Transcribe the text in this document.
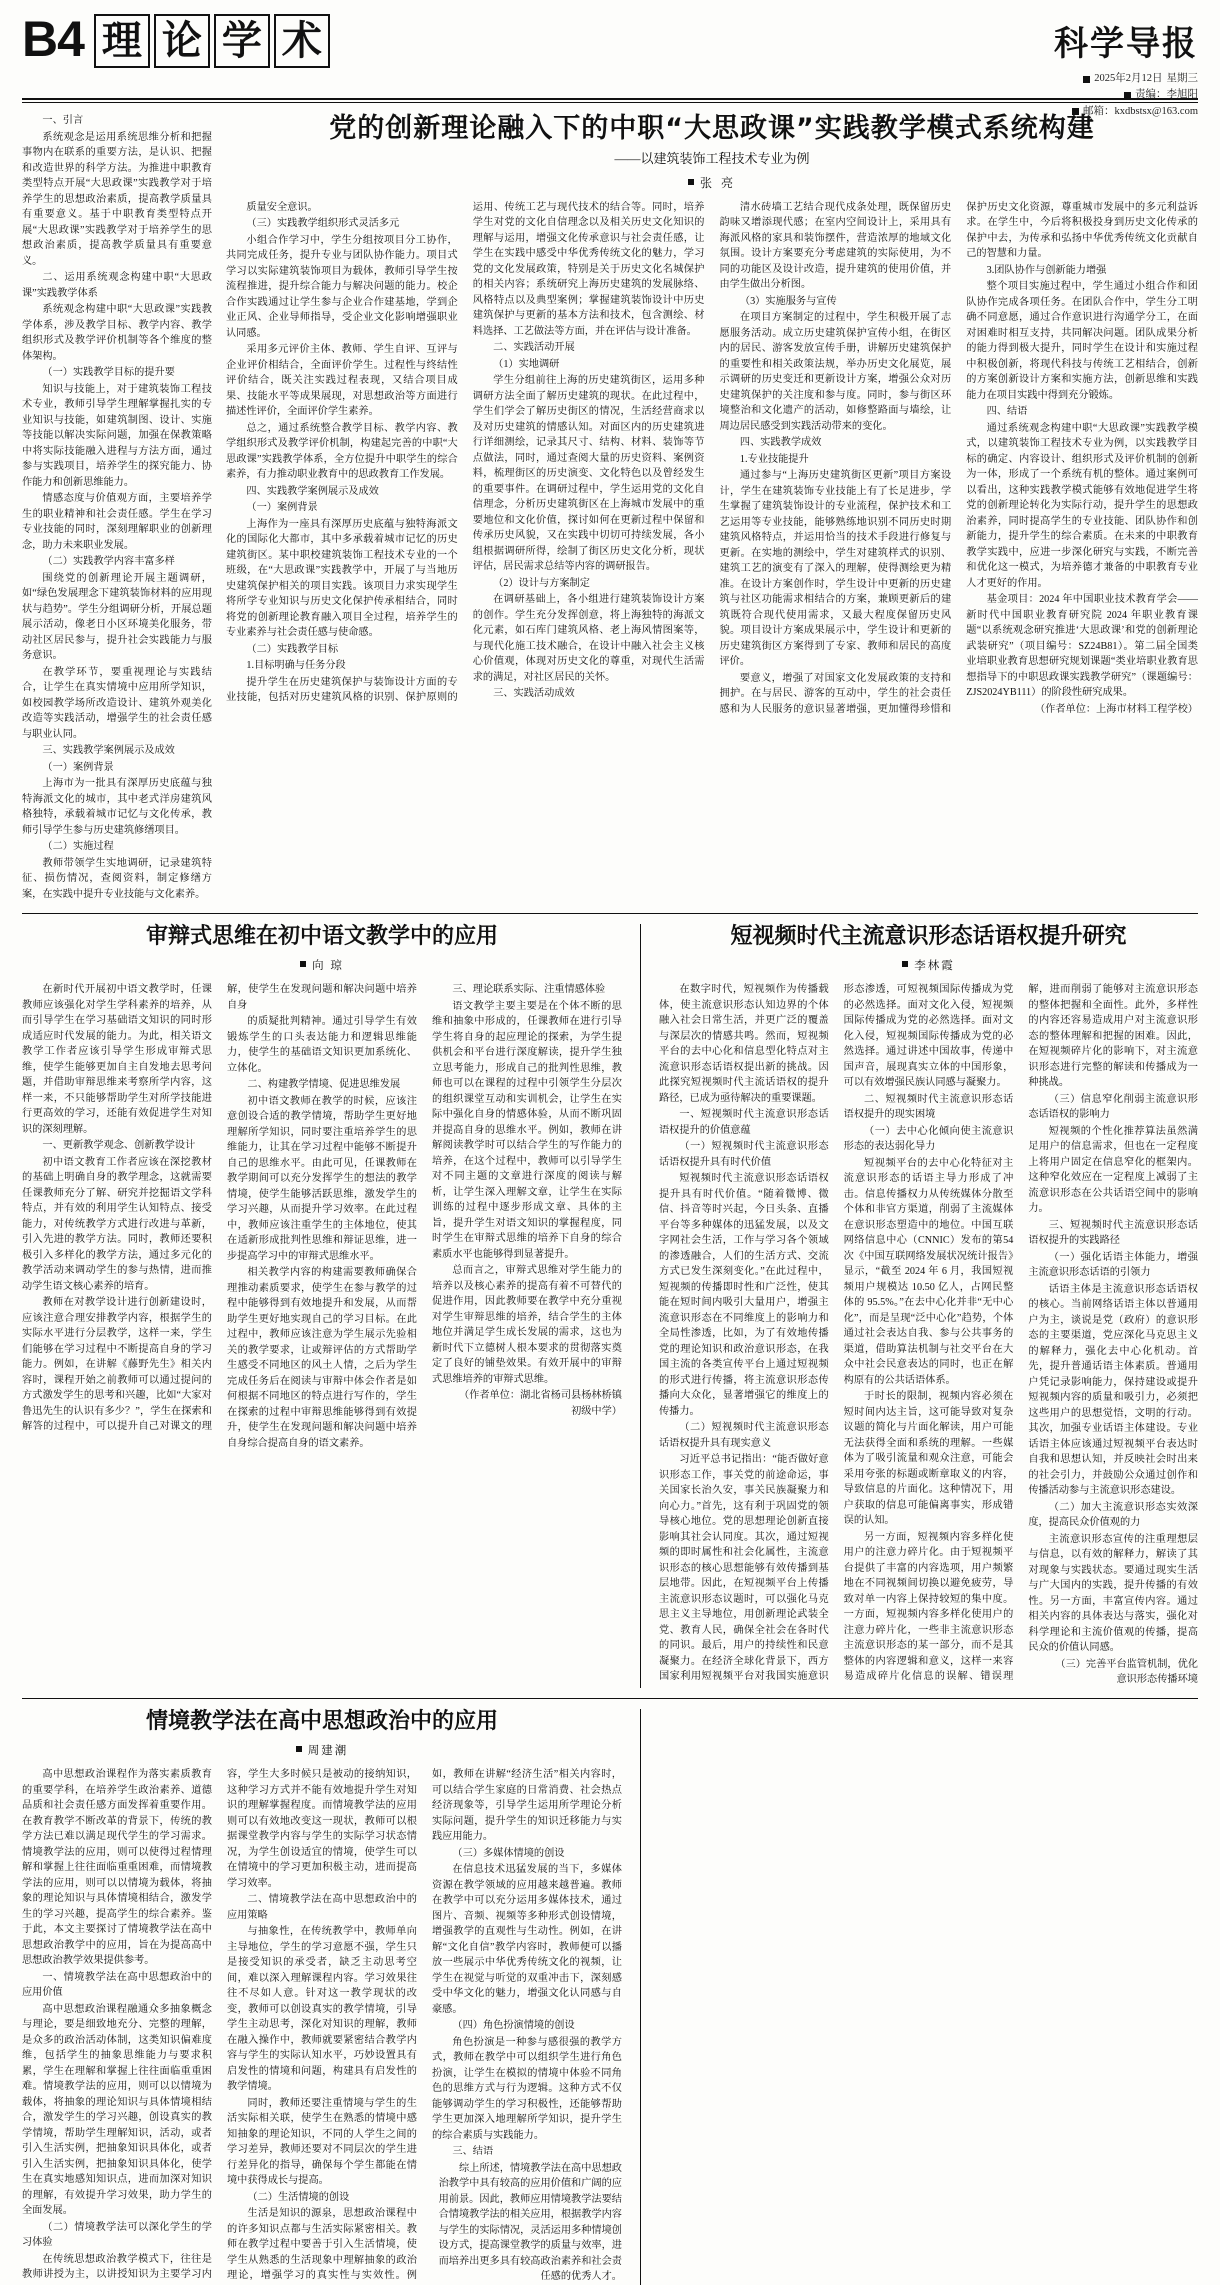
B4 理 论 学 术	科学导报
2025年2月12日 星期三
责编：李旭阳
邮箱：kxdbstsx@163.com

一、引言

系统观念是运用系统思维分析和把握事物内在联系的重要方法，是认识、把握和改造世界的科学方法。为推进中职教育类型特点开展“大思政课”实践教学对于培养学生的思想政治素质，提高教学质量具有重要意义。基于中职教育类型特点开展“大思政课”实践教学对于培养学生的思想政治素质，提高教学质量具有重要意义。

二、运用系统观念构建中职“大思政课”实践教学体系

系统观念构建中职“大思政课”实践教学体系，涉及教学目标、教学内容、教学组织形式及教学评价机制等各个维度的整体架构。

（一）实践教学目标的提升要

知识与技能上，对于建筑装饰工程技术专业，教师引导学生理解掌握扎实的专业知识与技能，如建筑制图、设计、实施等技能以解决实际问题，加强在保教策略中将实际技能融入进程与方法方面，通过参与实践项目，培养学生的探究能力、协作能力和创新思维能力。

情感态度与价值观方面，主要培养学生的职业精神和社会责任感。学生在学习专业技能的同时，深刻理解职业的创新理念，助力未来职业发展。

（二）实践教学内容丰富多样

围绕党的创新理论开展主题调研，如“绿色发展理念下建筑装饰材料的应用现状与趋势”。学生分组调研分析，开展总题展示活动，像老日小区环境美化服务，带动社区居民参与，提升社会实践能力与服务意识。

在教学环节，要重视理论与实践结合，让学生在真实情境中应用所学知识，如校园教学场所改造设计、建筑外观美化改造等实践活动，增强学生的社会责任感与职业认同。

三、实践教学案例展示及成效

（一）案例背景

上海市为一批具有深厚历史底蕴与独特海派文化的城市，其中老式洋房建筑风格独特，承载着城市记忆与文化传承，教师引导学生参与历史建筑修缮项目。

（二）实施过程

教师带领学生实地调研，记录建筑特征、损伤情况，查阅资料，制定修缮方案，在实践中提升专业技能与文化素养。

党的创新理论融入下的中职“大思政课”实践教学模式系统构建
——以建筑装饰工程技术专业为例
张 亮

质量安全意识。

（三）实践教学组织形式灵活多元

小组合作学习中，学生分组按项目分工协作，共同完成任务，提升专业与团队协作能力。项目式学习以实际建筑装饰项目为载体，教师引导学生按流程推进，提升综合能力与解决问题的能力。校企合作实践通过让学生参与企业合作建基地，学到企业正风、企业导师指导，受企业文化影响增强职业认同感。

采用多元评价主体、教师、学生自评、互评与企业评价相结合，全面评价学生。过程性与终结性评价结合，既关注实践过程表现，又结合项目成果、技能水平等成果展现，对思想政治等方面进行描述性评价，全面评价学生素养。

总之，通过系统整合教学目标、教学内容、教学组织形式及教学评价机制，构建起完善的中职“大思政课”实践教学体系，全方位提升中职学生的综合素养，有力推动职业教育中的思政教育工作发展。

四、实践教学案例展示及成效

（一）案例背景

上海作为一座具有深厚历史底蕴与独特海派文化的国际化大都市，其中多承载着城市记忆的历史建筑街区。某中职校建筑装饰工程技术专业的一个班级，在“大思政课”实践教学中，开展了与当地历史建筑保护相关的项目实践。该项目力求实现学生将所学专业知识与历史文化保护传承相结合，同时将党的创新理论教育融入项目全过程，培养学生的专业素养与社会责任感与使命感。

（二）实践教学目标

1.目标明确与任务分段

提升学生在历史建筑保护与装饰设计方面的专业技能，包括对历史建筑风格的识别、保护原则的运用、传统工艺与现代技术的结合等。同时，培养学生对党的文化自信理念以及相关历史文化知识的理解与运用，增强文化传承意识与社会责任感，让学生在实践中感受中华优秀传统文化的魅力，学习党的文化发展政策，特别是关于历史文化名城保护的相关内容；系统研究上海历史建筑的发展脉络、风格特点以及典型案例；掌握建筑装饰设计中历史建筑保护与更新的基本方法和技术，包含测绘、材料选择、工艺做法等方面，并在评估与设计准备。

二、实践活动开展

（1）实地调研

学生分组前往上海的历史建筑街区，运用多种调研方法全面了解历史建筑的现状。在此过程中，学生们学会了解历史街区的情况，生活经营商求以及对历史建筑的情感认知。对面区内的历史建筑进行详细测绘，记录其尺寸、结构、材料、装饰等节点做法，同时，通过查阅大量的历史资料、案例资料，梳理街区的历史演变、文化特色以及曾经发生的重要事件。在调研过程中，学生运用党的文化自信理念，分析历史建筑街区在上海城市发展中的重要地位和文化价值，探讨如何在更新过程中保留和传承历史风貌，又在实践中切切可持续发展，各小组根据调研所得，绘制了街区历史文化分析，现状评估，居民需求总结等内容的调研报告。

（2）设计与方案制定

在调研基础上，各小组进行建筑装饰设计方案的创作。学生充分发挥创意，将上海独特的海派文化元素，如石库门建筑风格、老上海风情图案等，与现代化施工技术融合，在设计中融入社会主义核心价值观，体现对历史文化的尊重，对现代生活需求的满足，对社区居民的关怀。

三、实践活动成效

清水砖墙工艺结合现代戍条处理，既保留历史韵味又增添现代感；在室内空间设计上，采用具有海派风格的家具和装饰摆件，营造浓厚的地域文化氛围。设计方案要充分考虑建筑的实际使用，为不同的功能区及设计改造，提升建筑的使用价值，并由学生做出分析图。

（3）实施服务与宣传

在项目方案制定的过程中，学生积极开展了志愿服务活动。成立历史建筑保护宣传小组，在街区内的居民、游客发放宣传手册，讲解历史建筑保护的重要性和相关政策法规，举办历史文化展览，展示调研的历史变迁和更新设计方案，增强公众对历史建筑保护的关注度和参与度。同时，参与街区环境整治和文化遗产的活动，如修整路面与墙绘，让周边居民感受到实践活动带来的变化。

四、实践教学成效

1.专业技能提升

通过参与“上海历史建筑街区更新”项目方案设计，学生在建筑装饰专业技能上有了长足进步，学生掌握了建筑装饰设计的专业流程，保护技术和工艺运用等专业技能，能够熟练地识别不同历史时期建筑风格特点，并运用恰当的技术手段进行修复与更新。在实地的测绘中，学生对建筑样式的识别、建筑工艺的演变有了深入的理解，使得测绘更为精准。在设计方案创作时，学生设计中更新的历史建筑与社区功能需求相结合的方案，兼顾更新后的建筑既符合现代使用需求，又最大程度保留历史风貌。项目设计方案成果展示中，学生设计和更新的历史建筑街区方案得到了专家、教师和居民的高度评价。

要意义，增强了对国家文化发展政策的支持和拥护。在与居民、游客的互动中，学生的社会责任感和为人民服务的意识显著增强，更加懂得珍惜和保护历史文化资源，尊重城市发展中的多元利益诉求。在学生中，今后将积极投身到历史文化传承的保护中去，为传承和弘扬中华优秀传统文化贡献自己的智慧和力量。

3.团队协作与创新能力增强

整个项目实施过程中，学生通过小组合作和团队协作完成各项任务。在团队合作中，学生分工明确不同意愿，通过合作意识进行沟通学分工，在面对困难时相互支持，共同解决问题。团队成果分析的能力得到极大提升，同时学生在设计和实施过程中积极创新，将现代科技与传统工艺相结合，创新的方案创新设计方案和实施方法，创新思维和实践能力在项目实践中得到充分锻炼。

四、结语

通过系统观念构建中职“大思政课”实践教学模式，以建筑装饰工程技术专业为例，以实践教学目标的确定、内容设计、组织形式及评价机制的创新为一体，形成了一个系统有机的整体。通过案例可以看出，这种实践教学模式能够有效地促进学生将党的创新理论转化为实际行动，提升学生的思想政治素养，同时提高学生的专业技能、团队协作和创新能力，提升学生的综合素质。在未来的中职教育教学实践中，应进一步深化研究与实践，不断完善和优化这一模式，为培养德才兼备的中职教育专业人才更好的作用。

基金项目：2024 年中国职业技术教育学会——新时代中国职业教育研究院 2024 年职业教育课题“以系统观念研究推进‘大思政课’和党的创新理论武装研究”（项目编号：SZ24B81）。第二届全国类业培职业教育思想研究规划课题“类业培职业教育思想指导下的中职思政课实践教学研究”（课题编号：ZJS2024YB111）的阶段性研究成果。

（作者单位：上海市材料工程学校）

审辩式思维在初中语文教学中的应用
向 琼

在新时代开展初中语文教学时，任课教师应该强化对学生学科素养的培养，从而引导学生在学习基础语文知识的同时形成适应时代发展的能力。为此，相关语文教学工作者应该引导学生形成审辩式思维，使学生能够更加自主自发地去思考问题，并借助审辩思维来考察所学内容，这样一来，不只能够帮助学生对所学技能进行更高效的学习，还能有效促进学生对知识的深刻理解。

一、更新教学观念、创新教学设计

初中语文教育工作者应该在深挖教材的基础上明确自身的教学理念，这就需要任课教师充分了解、研究并挖掘语文学科特点，并有效的利用学生认知特点、接受能力，对传统教学方式进行改进与革新，引入先进的教学方法。同时，教师还要积极引入多样化的教学方法，通过多元化的教学活动来调动学生的参与热情，进而推动学生语文核心素养的培育。

教师在对教学设计进行创新建设时，应该注意合理安排教学内容，根据学生的实际水平进行分层教学，这样一来，学生们能够在学习过程中不断提高自身的学习能力。例如，在讲解《藤野先生》相关内容时，课程开始之前教师可以通过提问的方式激发学生的思考和兴趣，比如“大家对鲁迅先生的认识有多少？”，学生在探索和解答的过程中，可以提升自己对课文的理解，使学生在发现问题和解决问题中培养自身

的质疑批判精神。通过引导学生有效锻炼学生的口头表达能力和逻辑思维能力，使学生的基础语文知识更加系统化、立体化。

二、构建教学情境、促进思维发展

初中语文教师在教学的时候，应该注意创设合适的教学情境，帮助学生更好地理解所学知识，同时要注重培养学生的思维能力，让其在学习过程中能够不断提升自己的思维水平。由此可见，任课教师在教学期间可以充分发挥学生的想法的教学情境，使学生能够活跃思维，激发学生的学习兴趣，从而提升学习效率。在此过程中，教师应该注重学生的主体地位，使其在适新形成批判性思维和辩证思维，进一步提高学习中的审辩式思维水平。

相关教学内容的构建需要教师确保合理推动素质要求，使学生在参与教学的过程中能够得到有效地提升和发展，从而帮助学生更好地实现自己的学习目标。在此过程中，教师应该注意为学生展示先验相关的教学要求，让或辩评估的方式帮助学生感受不同地区的风土人情，之后为学生完成任务后在阅读与审辩中体会作者是如何根据不同地区的特点进行写作的，学生在探索的过程中审辩思维能够得到有效提升，使学生在发现问题和解决问题中培养自身综合提高自身的语文素养。

三、理论联系实际、注重情感体验

语文教学主要主要是在个体不断的思维和抽象中形成的，任课教师在进行引导学生将自身的起应理论的探索，为学生提供机会和平台进行深度解读，提升学生独立思考能力，形成自己的批判性思维，教师也可以在课程的过程中引领学生分层次的组织课堂互动和实训机会，让学生在实际中强化自身的情感体验，从而不断巩固并提高自身的思维水平。例如，教师在讲解阅读教学时可以结合学生的写作能力的培养，在这个过程中，教师可以引导学生对不同主题的文章进行深度的阅读与解析，让学生深入理解文章，让学生在实际训练的过程中逐步形成文章、具体的主旨，提升学生对语文知识的掌握程度，同时学生在审辩式思维的培养下自身的综合素质水平也能够得到显著提升。

总而言之，审辩式思维对学生能力的培养以及核心素养的提高有着不可替代的促进作用，因此教师要在教学中充分重视对学生审辩思维的培养，结合学生的主体地位并满足学生成长发展的需求，这也为新时代下立德树人根本要求的贯彻落实奠定了良好的铺垫效果。有效开展中的审辩式思维培养的审辩式思维。

（作者单位：湖北省杨司县杨林桥镇初级中学）

短视频时代主流意识形态话语权提升研究
李林霞

在数字时代，短视频作为传播载体，使主流意识形态认知边界的个体融入社会日常生活，并更广泛的覆盖与深层次的情感共鸣。然而，短视频平台的去中心化和信息型化特点对主流意识形态话语权提出新的挑战。因此探究短视频时代主流话语权的提升路径，已成为亟待解决的重要课题。

一、短视频时代主流意识形态话语权提升的价值意蕴

（一）短视频时代主流意识形态话语权提升具有时代价值

短视频时代主流意识形态话语权提升具有时代价值。“随着微博、微信、抖音等时兴起，今日头条、直播平台等多种媒体的迅猛发展，以及文字网社会生活，工作与学习各个领域的渗透融合，人们的生活方式、交流方式已发生深刻变化。”在此过程中，短视频的传播即时性和广泛性，使其能在短时间内吸引大量用户，增强主流意识形态在不同维度上的影响力和全局性渗透，比如，为了有效地传播党的理论知识和政治意识形态，在我国主流的各类宣传平台上通过短视频的形式进行传播，将主流意识形态传播向大众化，显著增强它的维度上的传播力。

（二）短视频时代主流意识形态话语权提升具有现实意义

习近平总书记指出：“能否做好意识形态工作，事关党的前途命运，事关国家长治久安，事关民族凝聚力和向心力。”首先，这有利于巩固党的领导核心地位。党的思想理论创新直接影响其社会认同度。其次，通过短视频的即时属性和社会化属性，主流意识形态的核心思想能够有效传播到基层地带。因此，在短视频平台上传播主流意识形态议题时，可以强化马克思主义主导地位，用创新理论武装全党、教育人民，确保全社会在各时代的同识。最后，用户的持续性和民意凝聚力。在经济全球化背景下，西方国家利用短视频平台对我国实施意识形态渗透，可短视频国际传播成为党的必然选择。面对文化入侵，短视频国际传播成为党的必然选择。面对文化入侵，短视频国际传播成为党的必然选择。通过讲述中国故事，传递中国声音，展现真实立体的中国形象，可以有效增强民族认同感与凝聚力。

二、短视频时代主流意识形态话语权提升的现实困境

（一）去中心化倾向使主流意识形态的表达弱化导力

短视频平台的去中心化特征对主流意识形态的话语主导力形成了冲击。信息传播权力从传统媒体分散至个体和非官方渠道，削弱了主流媒体在意识形态塑造中的地位。中国互联网络信息中心（CNNIC）发布的第54次《中国互联网络发展状况统计报告》显示，“截至 2024 年 6 月，我国短视频用户规模达 10.50 亿人，占网民整体的 95.5%。”在去中心化并非“无中心化”，而是呈现“泛中心化”趋势，个体通过社会表达自我、参与公共事务的渠道，借助算法机制与社交平台在大众中社会民意表达的同时，也正在解构原有的公共话语体系。

于时长的限制，视频内容必须在短时间内达主旨，这可能导致对复杂议题的简化与片面化解读，用户可能无法获得全面和系统的理解。一些媒体为了吸引流量和观众注意，可能会采用夸张的标题或断章取义的内容，导致信息的片面化。这种情况下，用户获取的信息可能偏离事实，形成错误的认知。

另一方面，短视频内容多样化使用户的注意力碎片化。由于短视频平台提供了丰富的内容选项，用户频繁地在不同视频间切换以避免疲劳，导致对单一内容上保持较短的集中度。一方面，短视频内容多样化使用户的注意力碎片化，一些非主流意识形态主流意识形态的某一部分，而不是其整体的内容逻辑和意义，这样一来容易造成碎片化信息的误解、错误理解，进而削弱了能够对主流意识形态的整体把握和全面性。此外，多样性的内容还容易造成用户对主流意识形态的整体理解和把握的困难。因此，在短视频碎片化的影响下，对主流意识形态进行完整的解读和传播成为一种挑战。

（三）信息窄化削弱主流意识形态话语权的影响力

短视频的个性化推荐算法虽然满足用户的信息需求，但也在一定程度上将用户固定在信息窄化的框架内。这种窄化效应在一定程度上减弱了主流意识形态在公共话语空间中的影响力。

三、短视频时代主流意识形态话语权提升的实践路径

（一）强化话语主体能力，增强主流意识形态话语的引领力

话语主体是主流意识形态话语权的核心。当前网络话语主体以普通用户为主，谈说是党（政府）的意识形态的主要渠道，党应深化马克思主义的解释力，强化去中心化机动。首先，提升普通话语主体素质。普通用户凭记录影响能力，保持建设或提升短视频内容的质量和吸引力，必须把这些用户的思想觉悟，文明的行动。其次，加强专业话语主体建设。专业话语主体应该通过短视频平台表达时自我和思想认知，并反映社会时出来的社会引力，并鼓励公众通过创作和传播活动参与主流意识形态建设。

（二）加大主流意识形态实效深度，提高民众价值观的力

主流意识形态宣传的注重理想层与信息，以有效的解释力，解读了其对现象与实践状态。要通过现实生活与广大国内的实践，提升传播的有效性。另一方面，丰富宣传内容。通过相关内容的具体表达与落实，强化对科学理论和主流价值观的传播，提高民众的价值认同感。

（三）完善平台监管机制，优化意识形态传播环境

情境教学法在高中思想政治中的应用
周建潮

高中思想政治课程作为落实素质教育的重要学科，在培养学生政治素养、道德品质和社会责任感方面发挥着重要作用。在教育教学不断改革的背景下，传统的教学方法已难以满足现代学生的学习需求。情境教学法的应用，则可以使得过程情理解和掌握上往往面临重重困难，而情境教学法的应用，则可以以情境为载体，将抽象的理论知识与具体情境相结合，激发学生的学习兴趣，提高学生的综合素养。鉴于此，本文主要探讨了情境教学法在高中思想政治教学中的应用，旨在为提高高中思想政治教学效果提供参考。

一、情境教学法在高中思想政治中的应用价值

高中思想政治课程融通众多抽象概念与理论，要是细致地充分、完整的理解，是众多的政治活动体制，这类知识偏难度维，包括学生的抽象思维能力与要求积累，学生在理解和掌握上往往面临重重困难。情境教学法的应用，则可以以情境为载体，将抽象的理论知识与具体情境相结合，激发学生的学习兴趣，创设真实的教学情境，帮助学生理解知识，活动，或者引入生活实例，把抽象知识具体化，或者引入生活实例，把抽象知识具体化，使学生在真实地感知知识点，进而加深对知识的理解，有效提升学习效果，助力学生的全面发展。

（二）情境教学法可以深化学生的学习体验

在传统思想政治教学模式下，往往是教师讲授为主，以讲授知识为主要学习内容，学生大多时候只是被动的接纳知识，这种学习方式并不能有效地提升学生对知识的理解掌握程度。而情境教学法的应用则可以有效地改变这一现状，教师可以根据课堂教学内容与学生的实际学习状态情况，为学生创设适宜的情境，使学生可以在情境中的学习更加积极主动，进而提高学习效率。

二、情境教学法在高中思想政治中的应用策略

与抽象性，在传统教学中，教师单向主导地位，学生的学习意愿不强，学生只是接受知识的承受者，缺乏主动思考空间，难以深入理解课程内容。学习效果往往不尽如人意。针对这一教学现状的改变，教师可以创设真实的教学情境，引导学生主动思考，深化对知识的理解，教师在融入操作中，教师就要紧密结合教学内容与学生的实际认知水平，巧妙设置具有启发性的情境和问题，构建具有启发性的教学情境。

同时，教师还要注重情境与学生的生活实际相关联，使学生在熟悉的情境中感知抽象的理论知识，不同的人学生之间的学习差异，教师还要对不同层次的学生进行差异化的指导，确保每个学生都能在情境中获得成长与提高。

（二）生活情境的创设

生活是知识的源泉，思想政治课程中的许多知识点都与生活实际紧密相关。教师在教学过程中要善于引入生活情境，使学生从熟悉的生活现象中理解抽象的政治理论，增强学习的真实性与实效性。例如，教师在讲解“经济生活”相关内容时，可以结合学生家庭的日常消费、社会热点经济现象等，引导学生运用所学理论分析实际问题，提升学生的知识迁移能力与实践应用能力。

（三）多媒体情境的创设

在信息技术迅猛发展的当下，多媒体资源在教学领域的应用越来越普遍。教师在教学中可以充分运用多媒体技术，通过图片、音频、视频等多种形式创设情境，增强教学的直观性与生动性。例如，在讲解“文化自信”教学内容时，教师便可以播放一些展示中华优秀传统文化的视频，让学生在视觉与听觉的双重冲击下，深刻感受中华文化的魅力，增强文化认同感与自豪感。

（四）角色扮演情境的创设

角色扮演是一种参与感很强的教学方式，教师在教学中可以组织学生进行角色扮演，让学生在模拟的情境中体验不同角色的思维方式与行为逻辑。这种方式不仅能够调动学生的学习积极性，还能够帮助学生更加深入地理解所学知识，提升学生的综合素质与实践能力。

三、结语

综上所述，情境教学法在高中思想政治教学中具有较高的应用价值和广阔的应用前景。因此，教师应用情境教学法要结合情境教学法的相关应用，根据教学内容与学生的实际情况，灵活运用多种情境创设方式，提高课堂教学的质量与效率，进而培养出更多具有较高政治素养和社会责任感的优秀人才。
